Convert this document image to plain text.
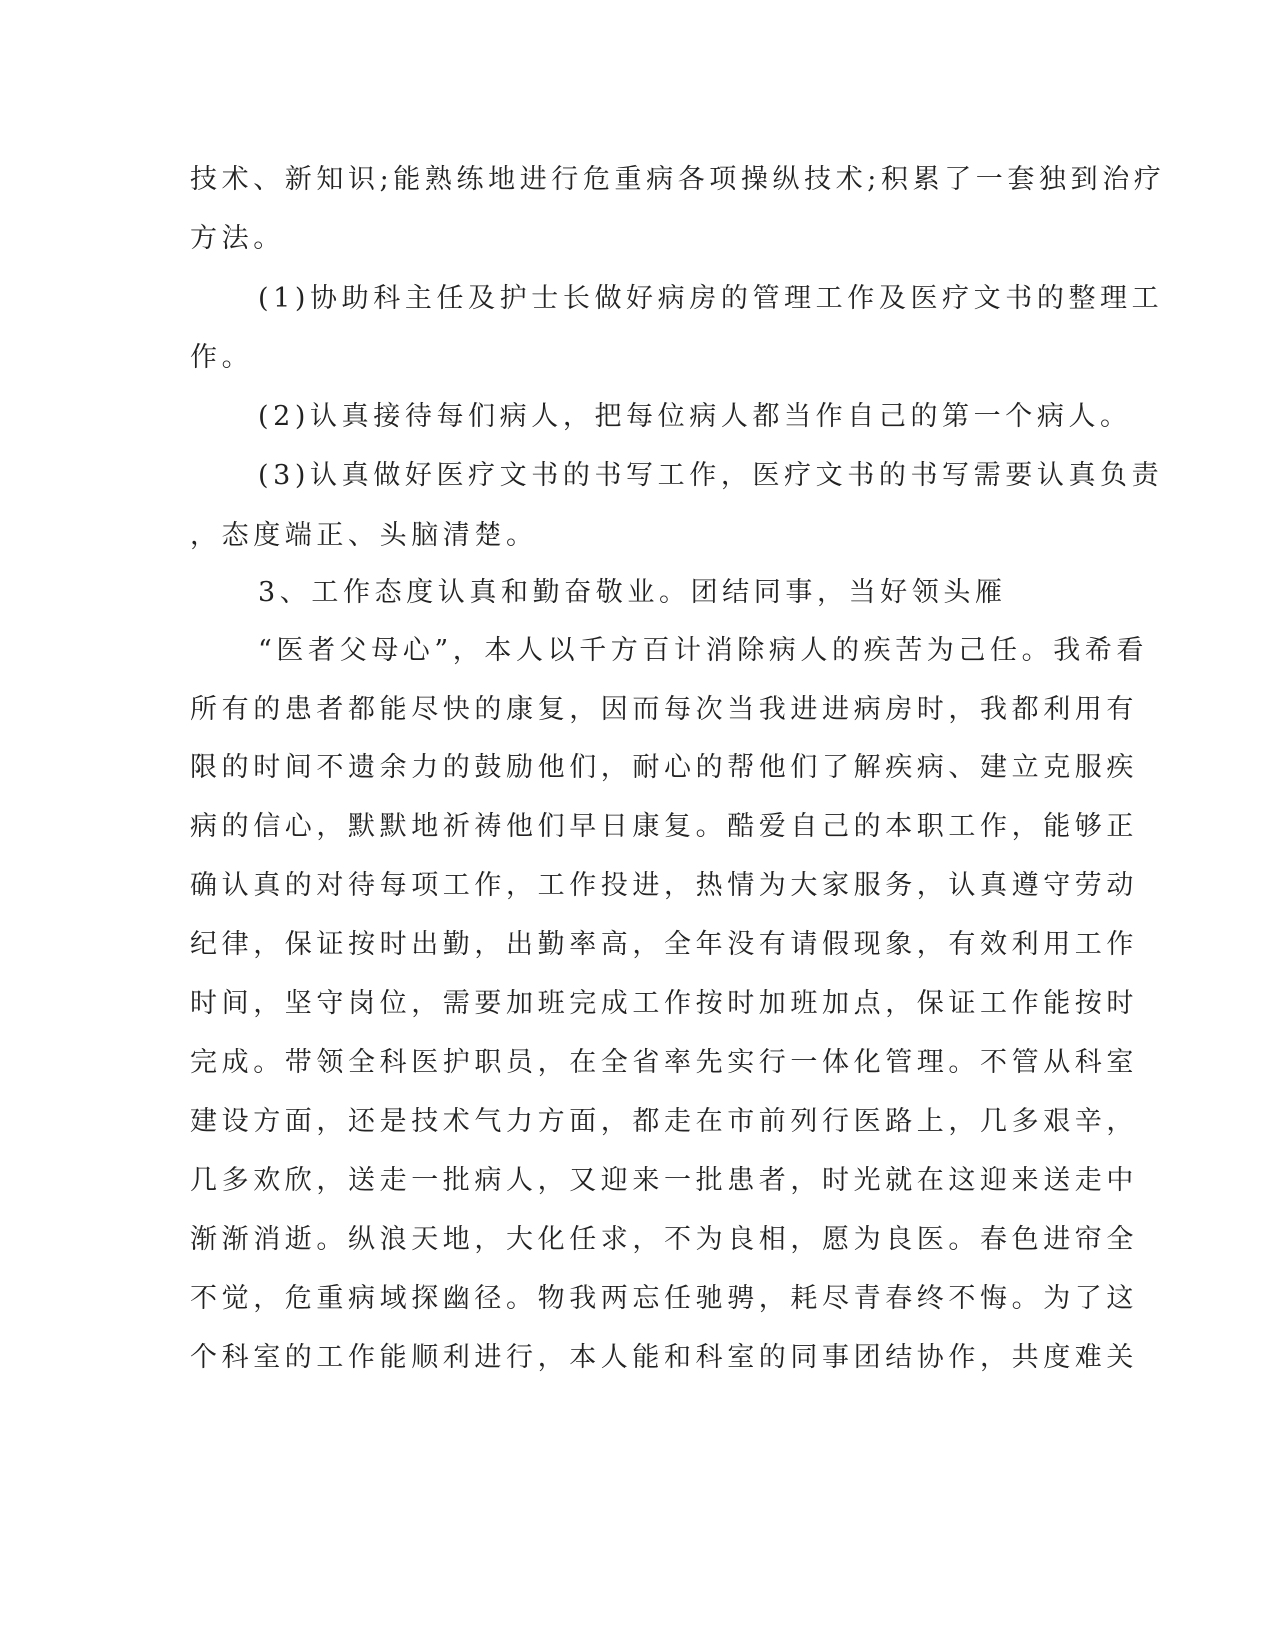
技术、新知识;能熟练地进行危重病各项操纵技术;积累了一套独到治疗
方法。
(1)协助科主任及护士长做好病房的管理工作及医疗文书的整理工
作。
(2)认真接待每们病人，把每位病人都当作自己的第一个病人。
(3)认真做好医疗文书的书写工作，医疗文书的书写需要认真负责
，态度端正、头脑清楚。
3、工作态度认真和勤奋敬业。团结同事，当好领头雁
“医者父母心”，本人以千方百计消除病人的疾苦为己任。我希看
所有的患者都能尽快的康复，因而每次当我进进病房时，我都利用有
限的时间不遗余力的鼓励他们，耐心的帮他们了解疾病、建立克服疾
病的信心，默默地祈祷他们早日康复。酷爱自己的本职工作，能够正
确认真的对待每项工作，工作投进，热情为大家服务，认真遵守劳动
纪律，保证按时出勤，出勤率高，全年没有请假现象，有效利用工作
时间，坚守岗位，需要加班完成工作按时加班加点，保证工作能按时
完成。带领全科医护职员，在全省率先实行一体化管理。不管从科室
建设方面，还是技术气力方面，都走在市前列行医路上，几多艰辛，
几多欢欣，送走一批病人，又迎来一批患者，时光就在这迎来送走中
渐渐消逝。纵浪天地，大化任求，不为良相，愿为良医。春色进帘全
不觉，危重病域探幽径。物我两忘任驰骋，耗尽青春终不悔。为了这
个科室的工作能顺利进行，本人能和科室的同事团结协作，共度难关
